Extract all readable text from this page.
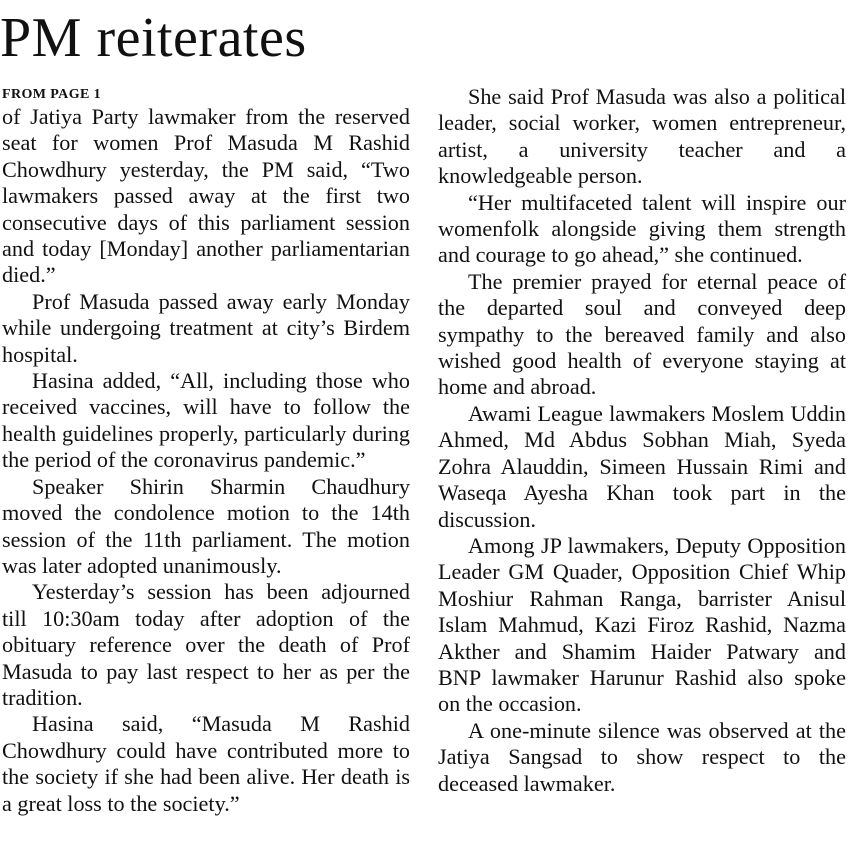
PM reiterates
FROM PAGE 1

of Jatiya Party lawmaker from the reserved seat for women Prof Masuda M Rashid Chowdhury yesterday, the PM said, “Two lawmakers passed away at the first two consecutive days of this parliament session and today [Monday] another parliamentarian died.”

Prof Masuda passed away early Monday while undergoing treatment at city’s Birdem hospital.

Hasina added, “All, including those who received vaccines, will have to follow the health guidelines properly, particularly during the period of the coronavirus pandemic.”

Speaker Shirin Sharmin Chaudhury moved the condolence motion to the 14th session of the 11th parliament. The motion was later adopted unanimously.

Yesterday’s session has been adjourned till 10:30am today after adoption of the obituary reference over the death of Prof Masuda to pay last respect to her as per the tradition.

Hasina said, “Masuda M Rashid Chowdhury could have contributed more to the society if she had been alive. Her death is a great loss to the society.”

She said Prof Masuda was also a political leader, social worker, women entrepreneur, artist, a university teacher and a knowledgeable person.

“Her multifaceted talent will inspire our womenfolk alongside giving them strength and courage to go ahead,” she continued.

The premier prayed for eternal peace of the departed soul and conveyed deep sympathy to the bereaved family and also wished good health of everyone staying at home and abroad.

Awami League lawmakers Moslem Uddin Ahmed, Md Abdus Sobhan Miah, Syeda Zohra Alauddin, Simeen Hussain Rimi and Waseqa Ayesha Khan took part in the discussion.

Among JP lawmakers, Deputy Opposition Leader GM Quader, Opposition Chief Whip Moshiur Rahman Ranga, barrister Anisul Islam Mahmud, Kazi Firoz Rashid, Nazma Akther and Shamim Haider Patwary and BNP lawmaker Harunur Rashid also spoke on the occasion.

A one-minute silence was observed at the Jatiya Sangsad to show respect to the deceased lawmaker.
